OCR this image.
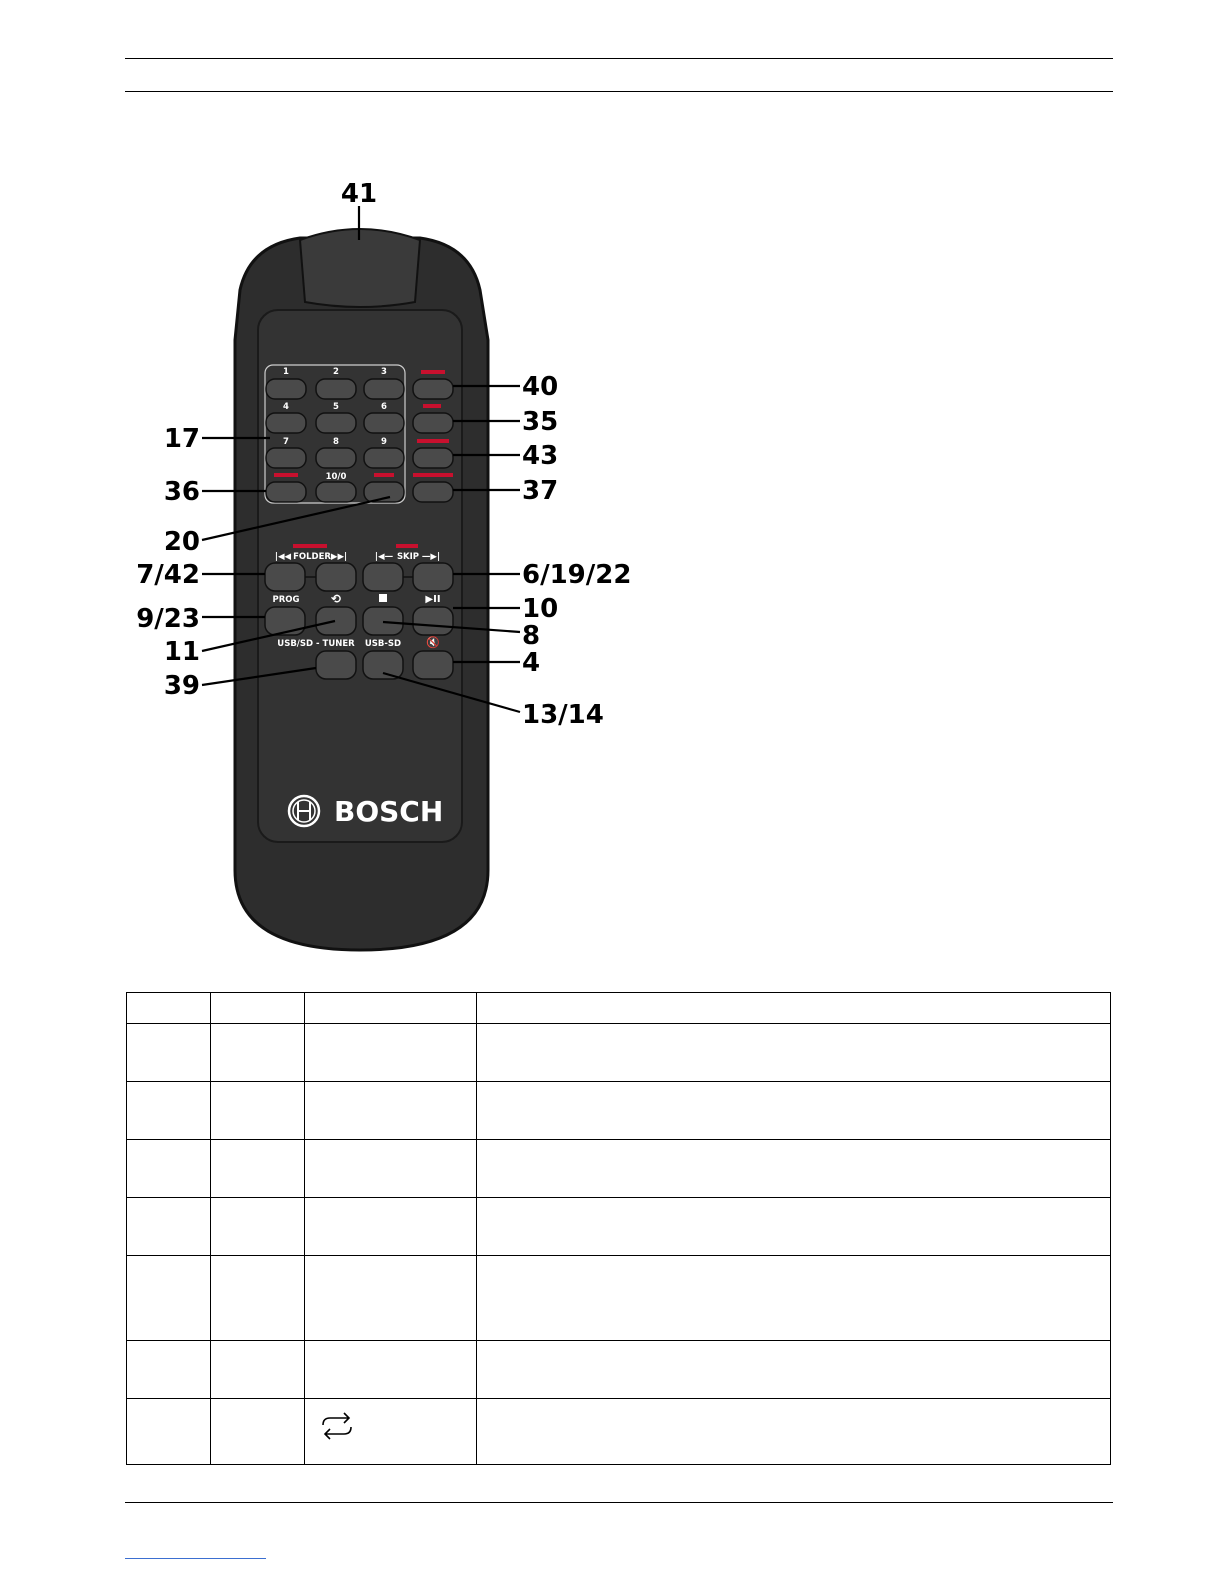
1	2	3
4	5	6
7	8	9
10/0
|◀◀ FOLDER ▶▶|	|◀— SKIP —▶|
PROG	⟲	▶II
USB/SD - TUNER USB-SD 🔇
BOSCH
41
40
35
43
37
17
36
20
7/42	6/19/22
9/23	10
11
8
4
39
13/14
